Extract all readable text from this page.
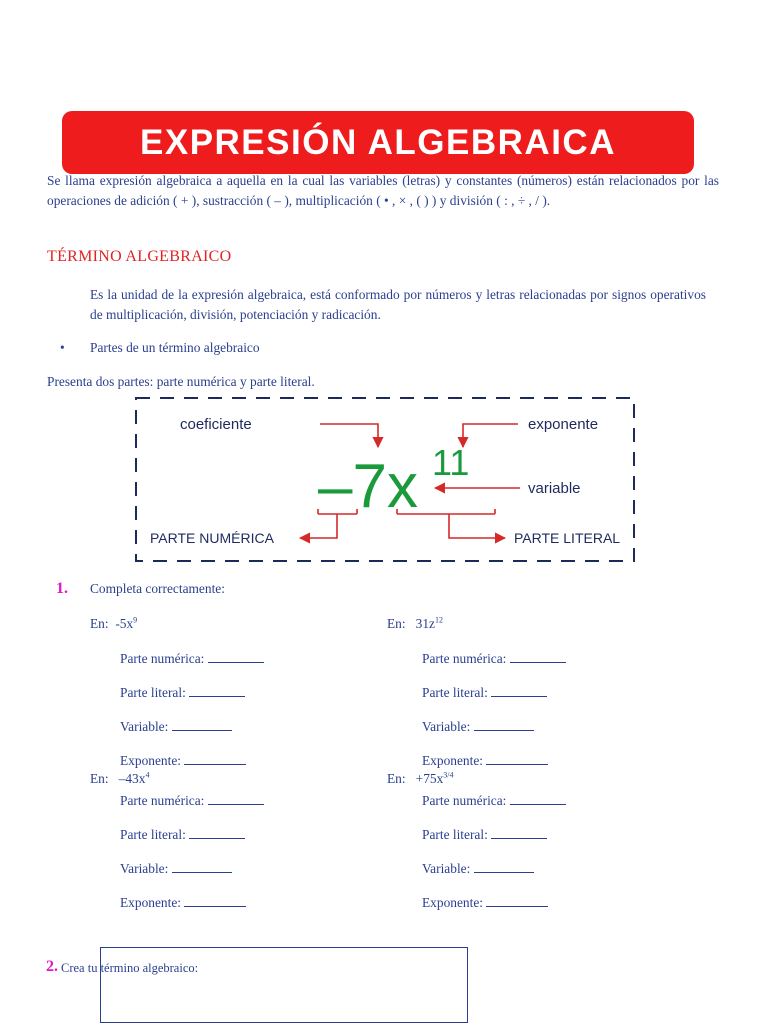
EXPRESIÓN ALGEBRAICA
Se llama expresión algebraica a aquella en la cual las variables (letras) y constantes (números) están relacionados por las operaciones de adición ( + ), sustracción ( – ), multiplicación ( • , × , ( ) ) y división ( : , ÷ , / ).
TÉRMINO ALGEBRAICO
Es la unidad de la expresión algebraica, está conformado por números y letras relacionadas por signos operativos de multiplicación, división, potenciación y radicación.
• Partes de un término algebraico
Presenta dos partes: parte numérica y parte literal.
coeficiente	exponente
variable
PARTE NUMÉRICA	PARTE LITERAL
–7x 11
1. Completa correctamente:
En: $-5x^9$
Parte numérica:
Parte literal:
Variable:
Exponente:
En: $31z^{12}$
Parte numérica:
Parte literal:
Variable:
Exponente:
En: $-43x^4$
Parte numérica:
Parte literal:
Variable:
Exponente:
En: $+75x^{3/4}$
Parte numérica:
Parte literal:
Variable:
Exponente:
2. Crea tu término algebraico:
